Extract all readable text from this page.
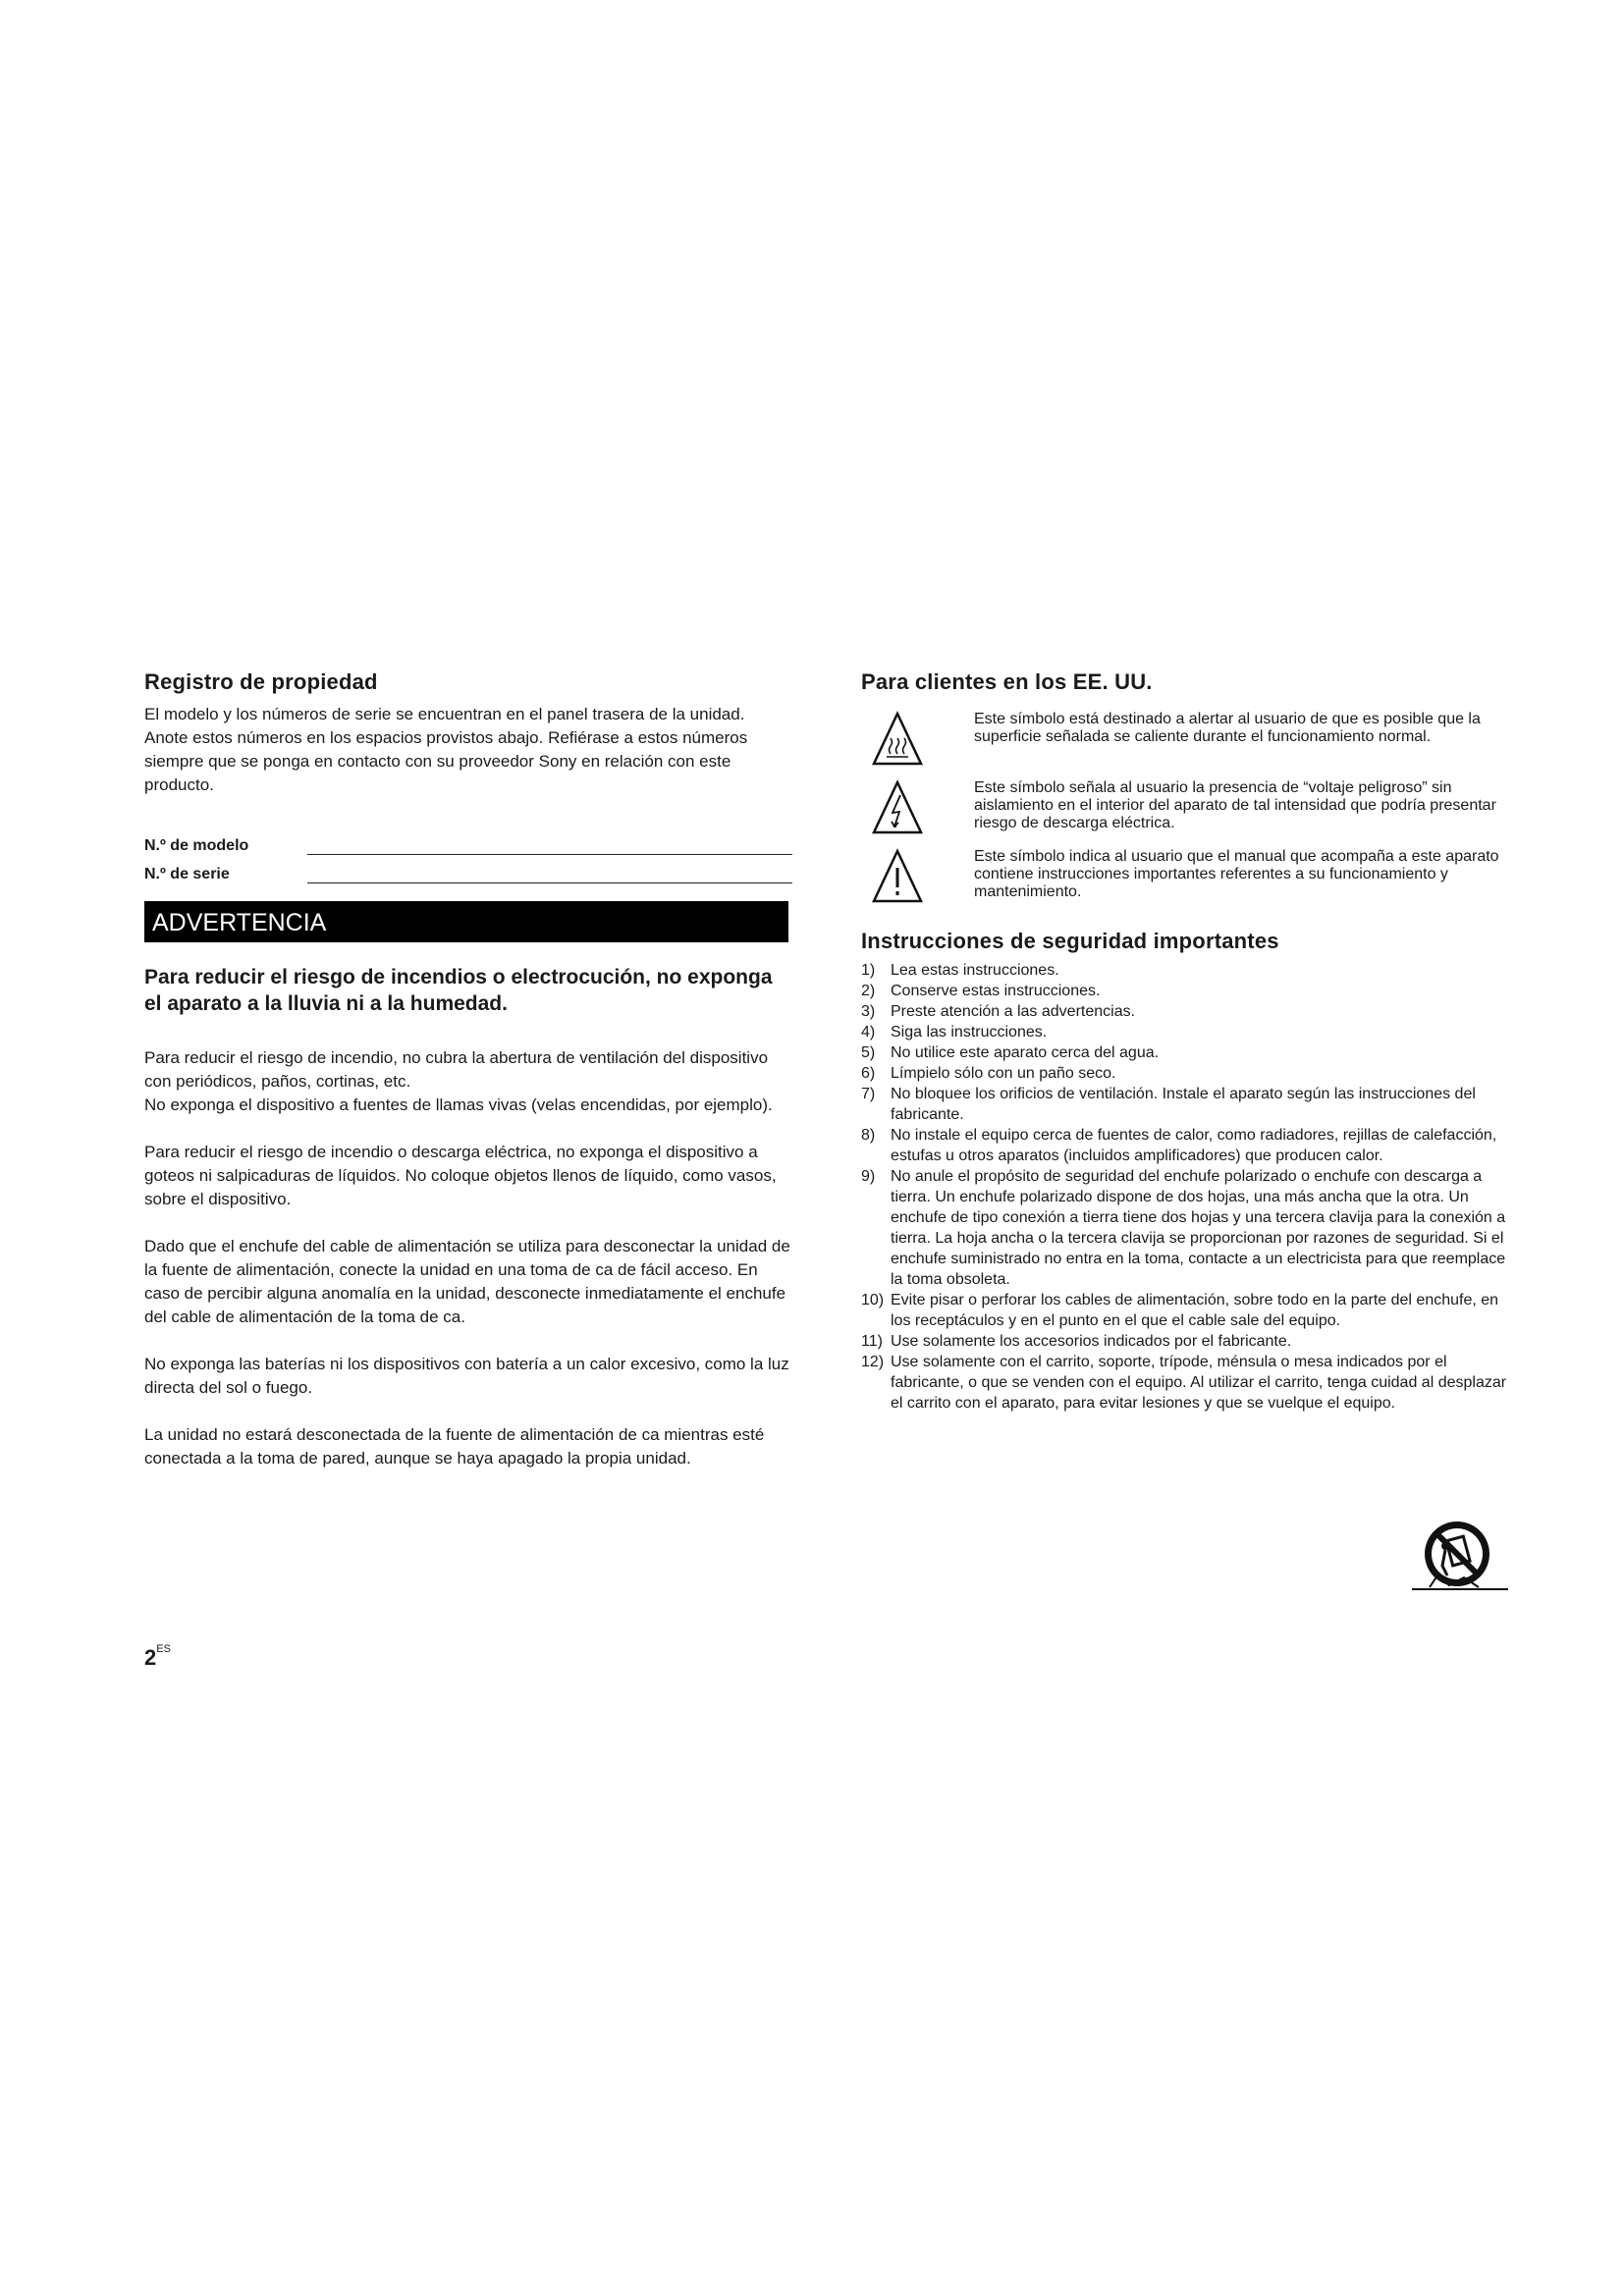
Registro de propiedad

El modelo y los números de serie se encuentran en el panel trasera de la unidad.

Anote estos números en los espacios provistos abajo. Refiérase a estos números siempre que se ponga en contacto con su proveedor Sony en relación con este producto.

N.º de modelo
N.º de serie
ADVERTENCIA
Para reducir el riesgo de incendios o electrocución, no exponga el aparato a la lluvia ni a la humedad.

Para reducir el riesgo de incendio, no cubra la abertura de ventilación del dispositivo con periódicos, paños, cortinas, etc.

No exponga el dispositivo a fuentes de llamas vivas (velas encendidas, por ejemplo).

Para reducir el riesgo de incendio o descarga eléctrica, no exponga el dispositivo a goteos ni salpicaduras de líquidos. No coloque objetos llenos de líquido, como vasos, sobre el dispositivo.

Dado que el enchufe del cable de alimentación se utiliza para desconectar la unidad de la fuente de alimentación, conecte la unidad en una toma de ca de fácil acceso. En caso de percibir alguna anomalía en la unidad, desconecte inmediatamente el enchufe del cable de alimentación de la toma de ca.

No exponga las baterías ni los dispositivos con batería a un calor excesivo, como la luz directa del sol o fuego.

La unidad no estará desconectada de la fuente de alimentación de ca mientras esté conectada a la toma de pared, aunque se haya apagado la propia unidad.

Para clientes en los EE. UU.
Este símbolo está destinado a alertar al usuario de que es posible que la superficie señalada se caliente durante el funcionamiento normal.
Este símbolo señala al usuario la presencia de “voltaje peligroso” sin aislamiento en el interior del aparato de tal intensidad que podría presentar riesgo de descarga eléctrica.
Este símbolo indica al usuario que el manual que acompaña a este aparato contiene instrucciones importantes referentes a su funcionamiento y mantenimiento.
Instrucciones de seguridad importantes
1) Lea estas instrucciones.
2) Conserve estas instrucciones.
3) Preste atención a las advertencias.
4) Siga las instrucciones.
5) No utilice este aparato cerca del agua.
6) Límpielo sólo con un paño seco.
7) No bloquee los orificios de ventilación. Instale el aparato según las instrucciones del fabricante.
8) No instale el equipo cerca de fuentes de calor, como radiadores, rejillas de calefacción, estufas u otros aparatos (incluidos amplificadores) que producen calor.
9) No anule el propósito de seguridad del enchufe polarizado o enchufe con descarga a tierra. Un enchufe polarizado dispone de dos hojas, una más ancha que la otra. Un enchufe de tipo conexión a tierra tiene dos hojas y una tercera clavija para la conexión a tierra. La hoja ancha o la tercera clavija se proporcionan por razones de seguridad. Si el enchufe suministrado no entra en la toma, contacte a un electricista para que reemplace la toma obsoleta.
10) Evite pisar o perforar los cables de alimentación, sobre todo en la parte del enchufe, en los receptáculos y en el punto en el que el cable sale del equipo.
11) Use solamente los accesorios indicados por el fabricante.
12) Use solamente con el carrito, soporte, trípode, ménsula o mesa indicados por el fabricante, o que se venden con el equipo. Al utilizar el carrito, tenga cuidad al desplazar el carrito con el aparato, para evitar lesiones y que se vuelque el equipo.
$2^{ES}$
